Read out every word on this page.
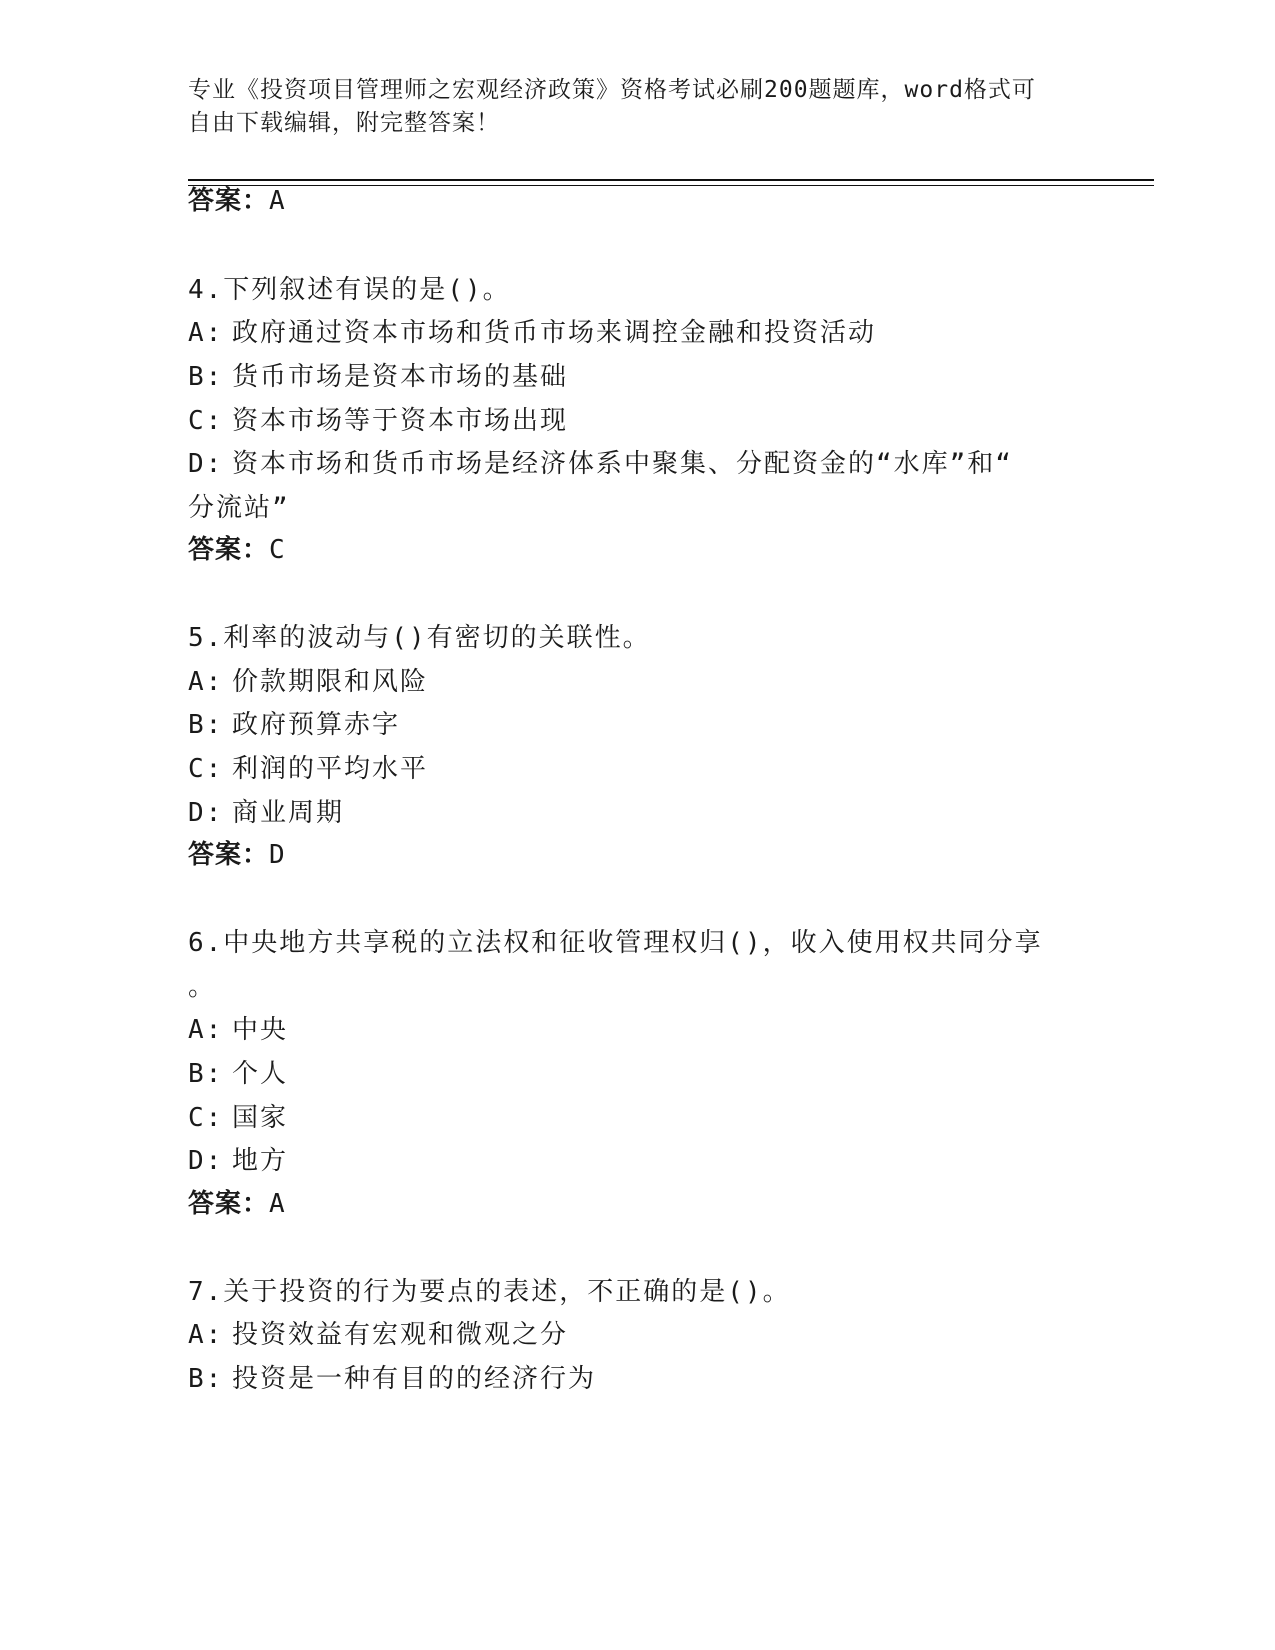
专业《投资项目管理师之宏观经济政策》资格考试必刷200题题库，word格式可
自由下载编辑，附完整答案！
答案：A
4.下列叙述有误的是()。
A: 政府通过资本市场和货币市场来调控金融和投资活动
B: 货币市场是资本市场的基础
C: 资本市场等于资本市场出现
D: 资本市场和货币市场是经济体系中聚集、分配资金的“水库”和“
分流站”
答案：C
5.利率的波动与()有密切的关联性。
A: 价款期限和风险
B: 政府预算赤字
C: 利润的平均水平
D: 商业周期
答案：D
6.中央地方共享税的立法权和征收管理权归()，收入使用权共同分享
。
A: 中央
B: 个人
C: 国家
D: 地方
答案：A
7.关于投资的行为要点的表述，不正确的是()。
A: 投资效益有宏观和微观之分
B: 投资是一种有目的的经济行为
